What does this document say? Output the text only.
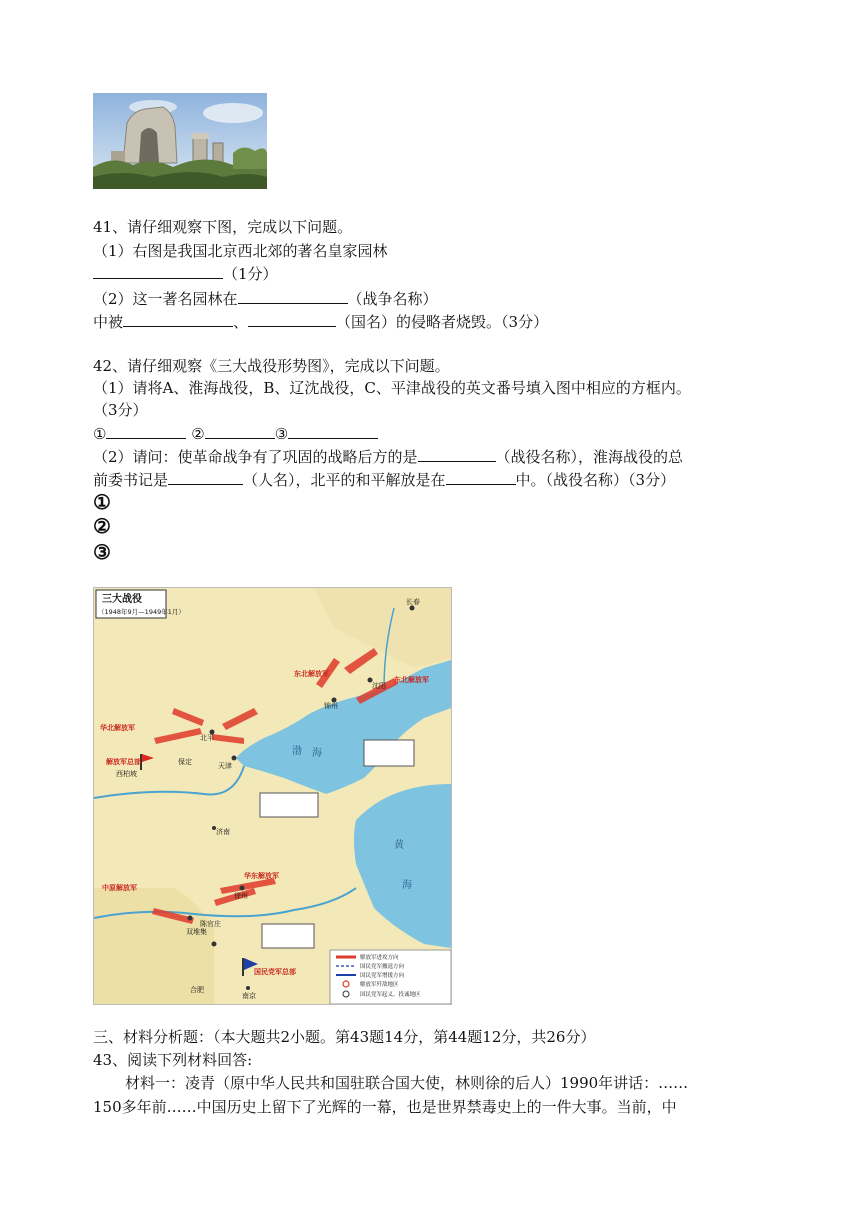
41、请仔细观察下图，完成以下问题。
（1）右图是我国北京西北郊的著名皇家园林
（1分）
（2）这一著名园林在	（战争名称）
中被	、	（国名）的侵略者烧毁。（3分）
42、请仔细观察《三大战役形势图》，完成以下问题。
（1）请将A、淮海战役，B、辽沈战役，C、平津战役的英文番号填入图中相应的方框内。
（3分）
①	②	③
（2）请问：使革命战争有了巩固的战略后方的是	（战役名称），淮海战役的总
前委书记是	（人名），北平的和平解放是在	中。（战役名称）（3分）
①
②
③
三大战役
（1948年9月—1949年1月）
北平
天津
西柏坡
沈阳
长春
锦州
徐州
济南
南京
合肥
双堆集
陈官庄
保定
华北解放军
东北解放军
东北解放军
华东解放军
中原解放军
解放军总部
国民党军总部
渤 海
黄
海
解放军进攻方向
国民党军撤退方向
国民党军增援方向
解放军歼敌地区
国民党军起义、投诚地区
三、材料分析题：（本大题共2小题。第43题14分，第44题12分，共26分）
43、阅读下列材料回答:
材料一：凌青（原中华人民共和国驻联合国大使，林则徐的后人）1990年讲话：……
150多年前……中国历史上留下了光辉的一幕，也是世界禁毒史上的一件大事。当前，中
